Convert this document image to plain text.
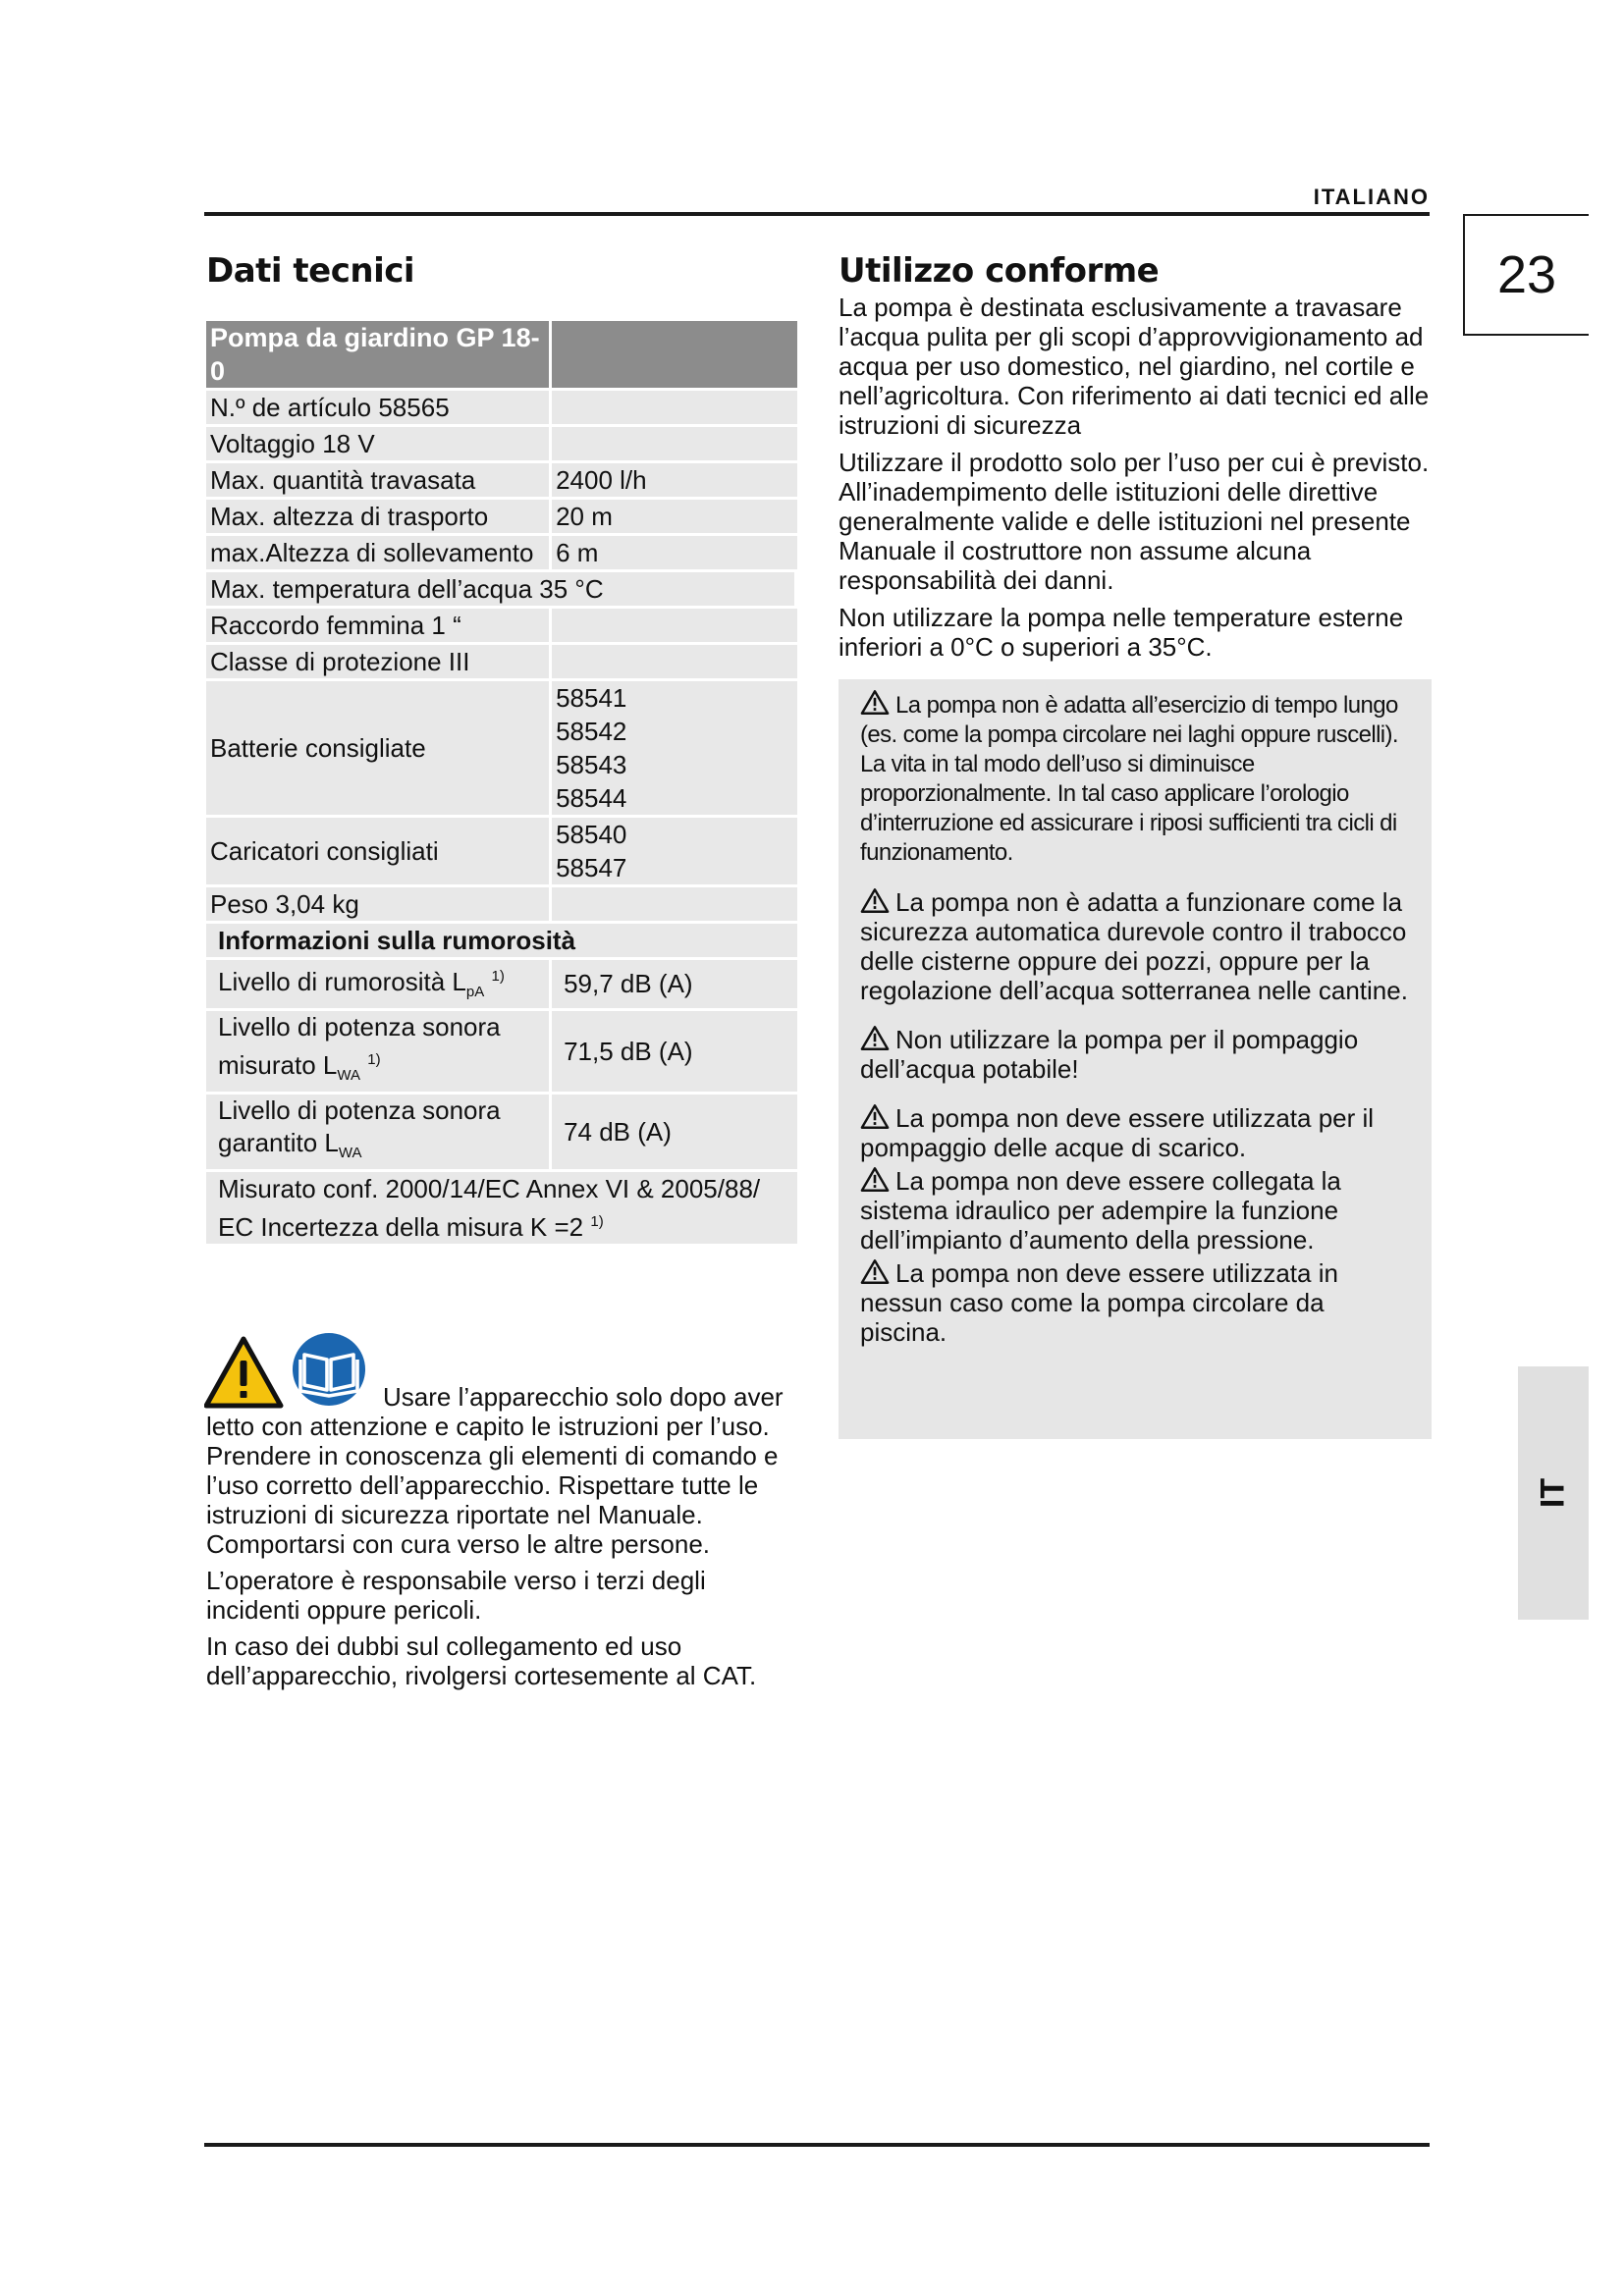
ITALIANO
23
IT
Dati tecnici
Pompa da giardino GP 18-0	
N.º de artículo 58565	
Voltaggio 18 V	
Max. quantità travasata	2400 l/h
Max. altezza di trasporto	20 m
max.Altezza di sollevamento	6 m
Max. temperatura dell’acqua 35 °C	
Raccordo femmina 1 “	
Classe di protezione III	
Batterie consigliate	58541
58542
58543
58544

Caricatori consigliati	58540
58547

Peso 3,04 kg	
Informazioni sulla rumorosità	
Livello di rumorosità $L_{pA}$ $^{1)}$	59,7 dB (A)

Livello di potenza sonora
misurato $L_{WA}$ $^{1)}$	71,5 dB (A)

Livello di potenza sonora
garantito $L_{WA}$	74 dB (A)

Misurato conf. 2000/14/EC Annex VI & 2005/88/
EC Incertezza della misura K =2 $^{1)}$

Usare l’apparecchio solo dopo aver letto con attenzione e capito le istruzioni per l’uso. Prendere in conoscenza gli elementi di comando e l’uso corretto dell’apparecchio. Rispettare tutte le istruzioni di sicurezza riportate nel Manuale. Comportarsi con cura verso le altre persone.

L’operatore è responsabile verso i terzi degli incidenti oppure pericoli.

In caso dei dubbi sul collegamento ed uso dell’apparecchio, rivolgersi cortesemente al CAT.

Utilizzo conforme

La pompa è destinata esclusivamente a travasare l’acqua pulita per gli scopi d’approvvigionamento ad acqua per uso domestico, nel giardino, nel cortile e nell’agricoltura. Con riferimento ai dati tecnici ed alle istruzioni di sicurezza

Utilizzare il prodotto solo per l’uso per cui è previsto. All’inadempimento delle istituzioni delle direttive generalmente valide e delle istituzioni nel presente Manuale il costruttore non assume alcuna responsabilità dei danni.

Non utilizzare la pompa nelle temperature esterne inferiori a 0°C o superiori a 35°C.

La pompa non è adatta all’esercizio di tempo lungo (es. come la pompa circolare nei laghi oppure ruscelli). La vita in tal modo dell’uso si diminuisce proporzionalmente. In tal caso applicare l’orologio d’interruzione ed assicurare i riposi sufficienti tra cicli di funzionamento.

La pompa non è adatta a funzionare come la sicurezza automatica durevole contro il trabocco delle cisterne oppure dei pozzi, oppure per la regolazione dell’acqua sotterranea nelle cantine.

Non utilizzare la pompa per il pompaggio dell’acqua potabile!

La pompa non deve essere utilizzata per il pompaggio delle acque di scarico.

La pompa non deve essere collegata la sistema idraulico per adempire la funzione dell’impianto d’aumento della pressione.

La pompa non deve essere utilizzata in nessun caso come la pompa circolare da piscina.
